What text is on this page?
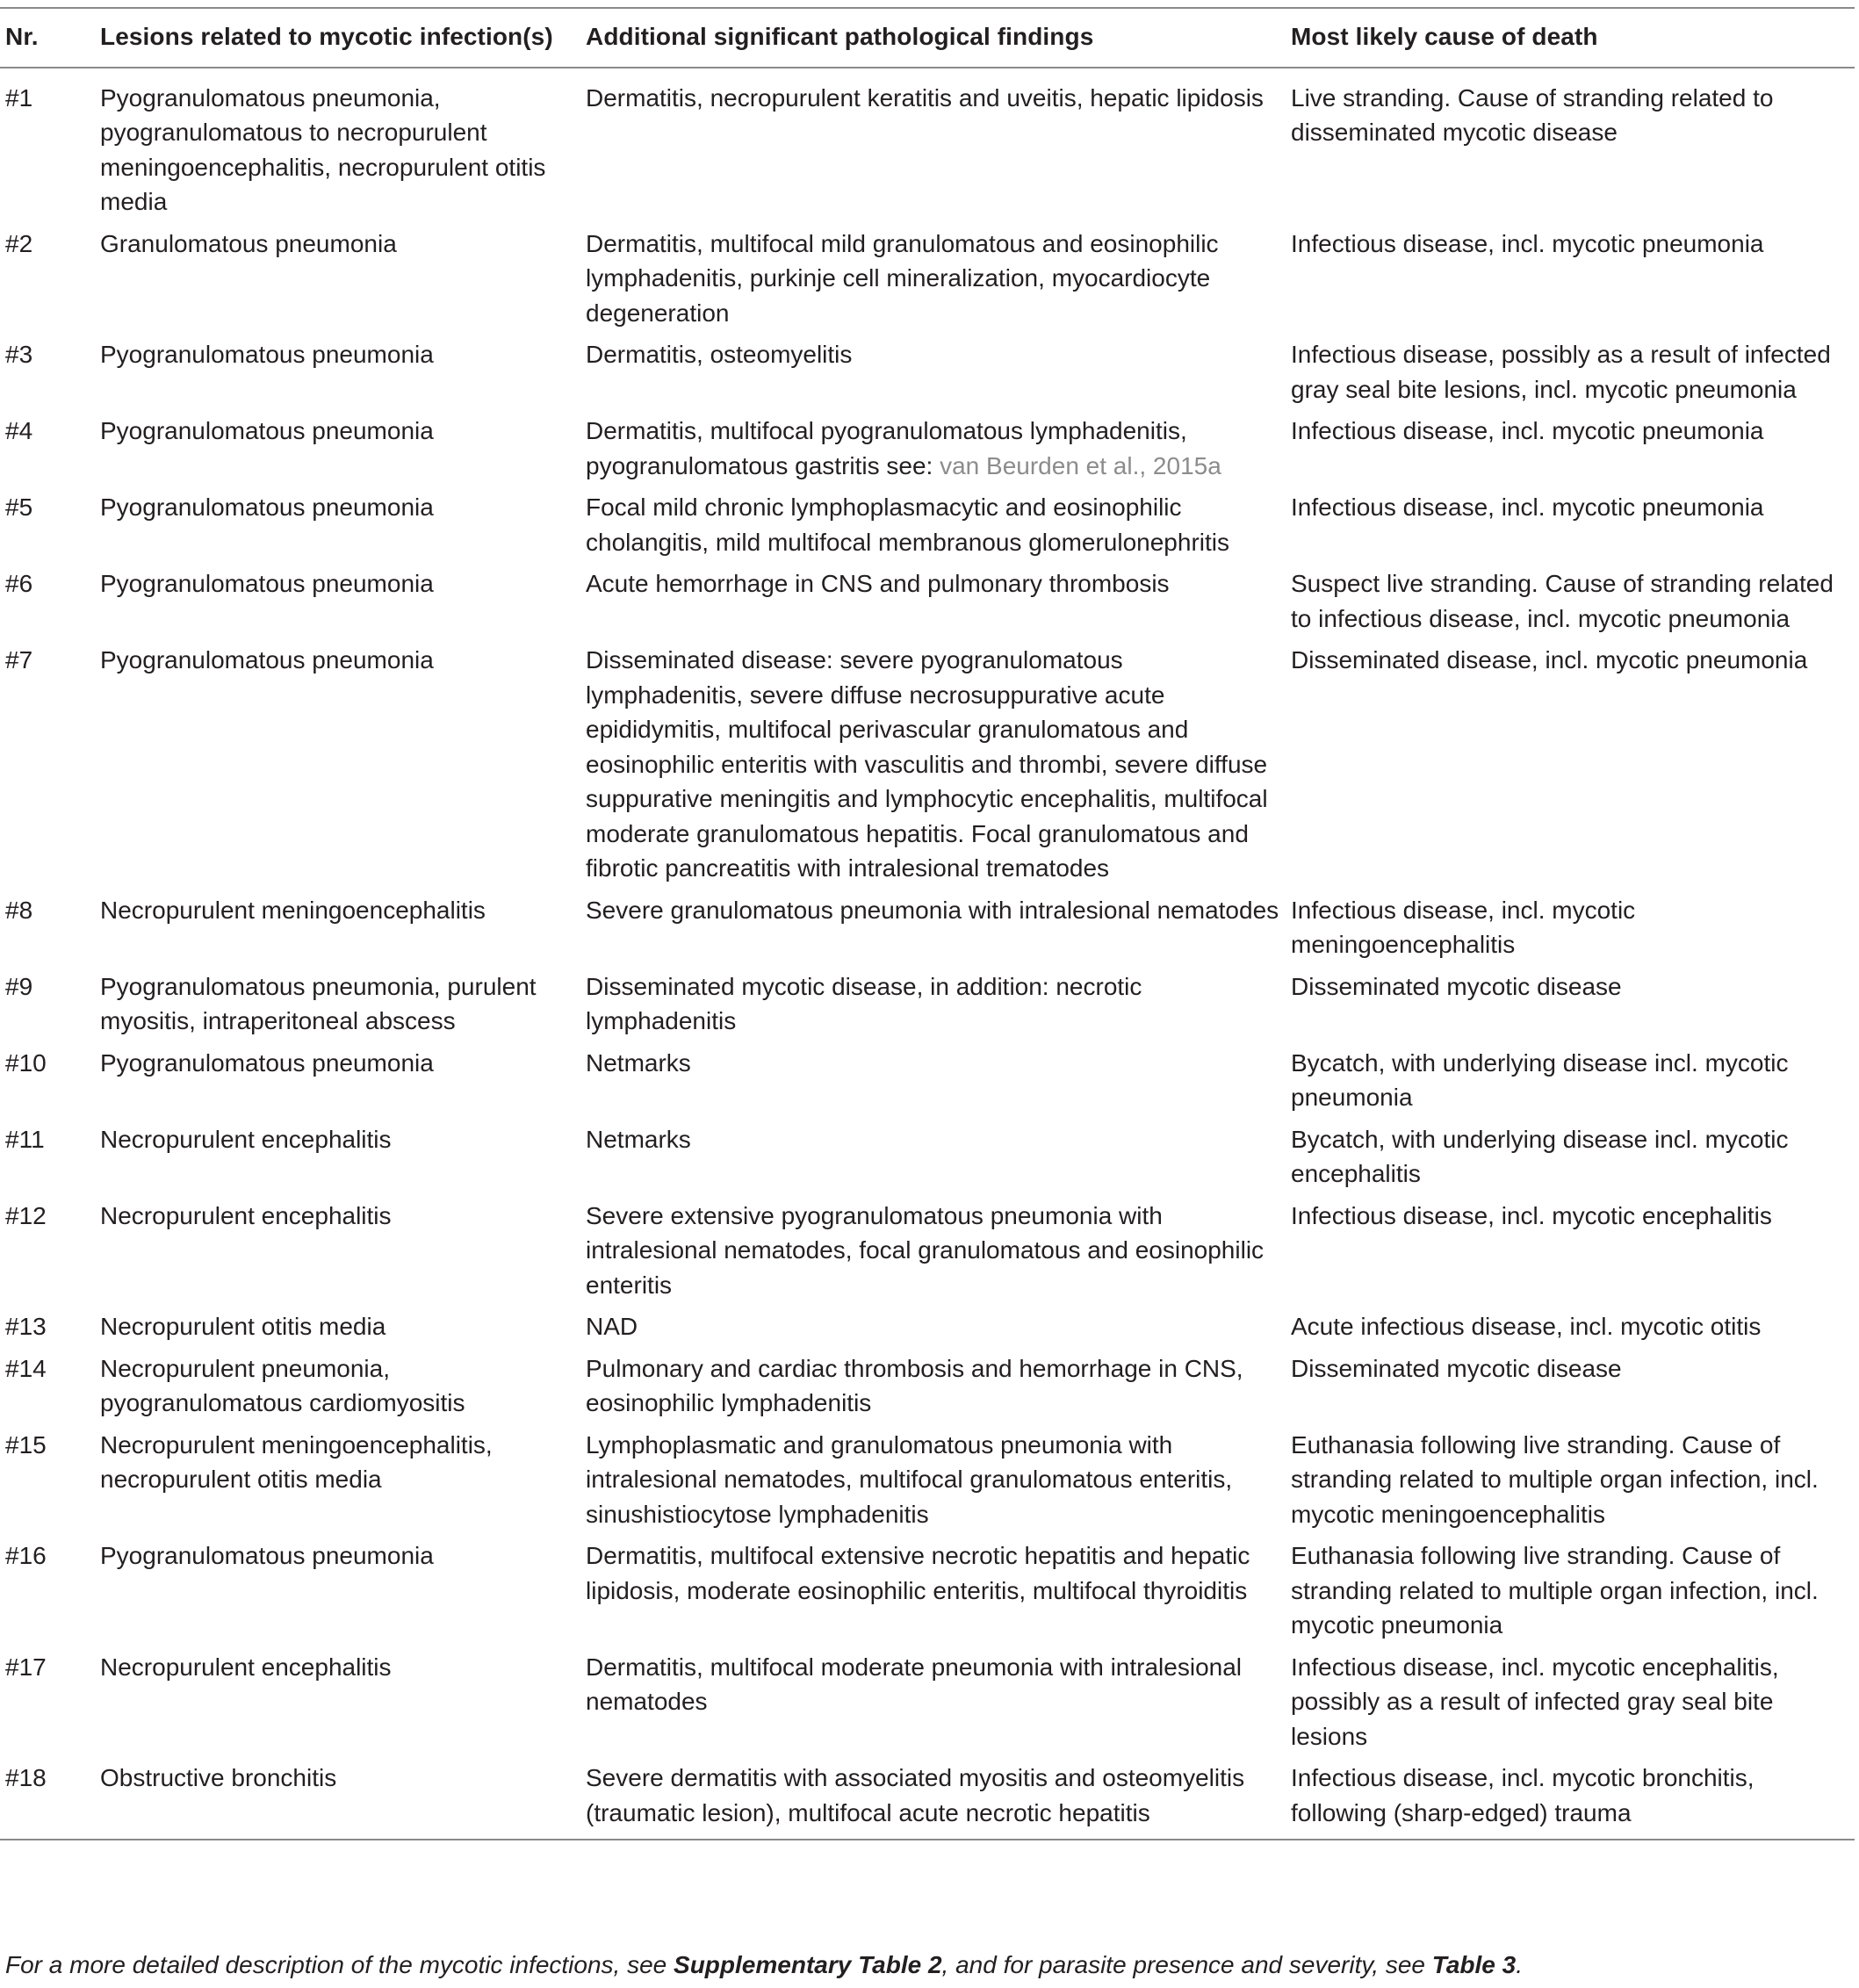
Nr.	Lesions related to mycotic infection(s)	Additional significant pathological findings	Most likely cause of death
#1	Pyogranulomatous pneumonia, pyogranulomatous to necropurulent meningoencephalitis, necropurulent otitis media	Dermatitis, necropurulent keratitis and uveitis, hepatic lipidosis	Live stranding. Cause of stranding related to disseminated mycotic disease
#2	Granulomatous pneumonia	Dermatitis, multifocal mild granulomatous and eosinophilic lymphadenitis, purkinje cell mineralization, myocardiocyte degeneration	Infectious disease, incl. mycotic pneumonia
#3	Pyogranulomatous pneumonia	Dermatitis, osteomyelitis	Infectious disease, possibly as a result of infected gray seal bite lesions, incl. mycotic pneumonia
#4	Pyogranulomatous pneumonia	Dermatitis, multifocal pyogranulomatous lymphadenitis, pyogranulomatous gastritis see: van Beurden et al., 2015a	Infectious disease, incl. mycotic pneumonia
#5	Pyogranulomatous pneumonia	Focal mild chronic lymphoplasmacytic and eosinophilic cholangitis, mild multifocal membranous glomerulonephritis	Infectious disease, incl. mycotic pneumonia
#6	Pyogranulomatous pneumonia	Acute hemorrhage in CNS and pulmonary thrombosis	Suspect live stranding. Cause of stranding related to infectious disease, incl. mycotic pneumonia
#7	Pyogranulomatous pneumonia	Disseminated disease: severe pyogranulomatous lymphadenitis, severe diffuse necrosuppurative acute epididymitis, multifocal perivascular granulomatous and eosinophilic enteritis with vasculitis and thrombi, severe diffuse suppurative meningitis and lymphocytic encephalitis, multifocal moderate granulomatous hepatitis. Focal granulomatous and fibrotic pancreatitis with intralesional trematodes	Disseminated disease, incl. mycotic pneumonia
#8	Necropurulent meningoencephalitis	Severe granulomatous pneumonia with intralesional nematodes	Infectious disease, incl. mycotic meningoencephalitis
#9	Pyogranulomatous pneumonia, purulent myositis, intraperitoneal abscess	Disseminated mycotic disease, in addition: necrotic lymphadenitis	Disseminated mycotic disease
#10	Pyogranulomatous pneumonia	Netmarks	Bycatch, with underlying disease incl. mycotic pneumonia
#11	Necropurulent encephalitis	Netmarks	Bycatch, with underlying disease incl. mycotic encephalitis
#12	Necropurulent encephalitis	Severe extensive pyogranulomatous pneumonia with intralesional nematodes, focal granulomatous and eosinophilic enteritis	Infectious disease, incl. mycotic encephalitis
#13	Necropurulent otitis media	NAD	Acute infectious disease, incl. mycotic otitis
#14	Necropurulent pneumonia, pyogranulomatous cardiomyositis	Pulmonary and cardiac thrombosis and hemorrhage in CNS, eosinophilic lymphadenitis	Disseminated mycotic disease
#15	Necropurulent meningoencephalitis, necropurulent otitis media	Lymphoplasmatic and granulomatous pneumonia with intralesional nematodes, multifocal granulomatous enteritis, sinushistiocytose lymphadenitis	Euthanasia following live stranding. Cause of stranding related to multiple organ infection, incl. mycotic meningoencephalitis
#16	Pyogranulomatous pneumonia	Dermatitis, multifocal extensive necrotic hepatitis and hepatic lipidosis, moderate eosinophilic enteritis, multifocal thyroiditis	Euthanasia following live stranding. Cause of stranding related to multiple organ infection, incl. mycotic pneumonia
#17	Necropurulent encephalitis	Dermatitis, multifocal moderate pneumonia with intralesional nematodes	Infectious disease, incl. mycotic encephalitis, possibly as a result of infected gray seal bite lesions
#18	Obstructive bronchitis	Severe dermatitis with associated myositis and osteomyelitis (traumatic lesion), multifocal acute necrotic hepatitis	Infectious disease, incl. mycotic bronchitis, following (sharp-edged) trauma
For a more detailed description of the mycotic infections, see Supplementary Table 2, and for parasite presence and severity, see Table 3.
